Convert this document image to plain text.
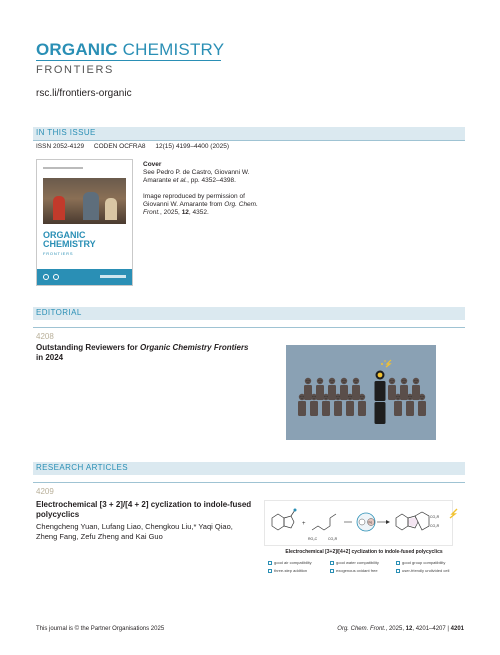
ORGANIC CHEMISTRY
FRONTIERS
rsc.li/frontiers-organic
IN THIS ISSUE
ISSN 2052-4129 CODEN OCFRA8 12(15) 4199–4400 (2025)
ORGANIC
CHEMISTRY
FRONTIERS
Cover
See Pedro P. de Castro, Giovanni W. Amarante et al., pp. 4352–4398.
Image reproduced by permission of Giovanni W. Amarante from Org. Chem. Front., 2025, 12, 4352.
EDITORIAL
4208
Outstanding Reviewers for Organic Chemistry Frontiers in 2024
RESEARCH ARTICLES
4209
Electrochemical [3 + 2]/[4 + 2] cyclization to indole-fused polycyclics
Chengcheng Yuan, Lufang Liao, Chengkou Liu,* Yaqi Qiao, Zheng Fang, Zefu Zheng and Kai Guo
+
RO₂C	CO₂R
Fe
CO₂R
CO₂R
Electrochemical [3+2]/[4+2] cyclization to indole-fused polycyclics
good air compatibility	good water compatibility	good group compatibility
three-step addition	exogenous oxidant free	user-friendly undivided cell
This journal is © the Partner Organisations 2025	Org. Chem. Front., 2025, 12, 4201–4207 | 4201
